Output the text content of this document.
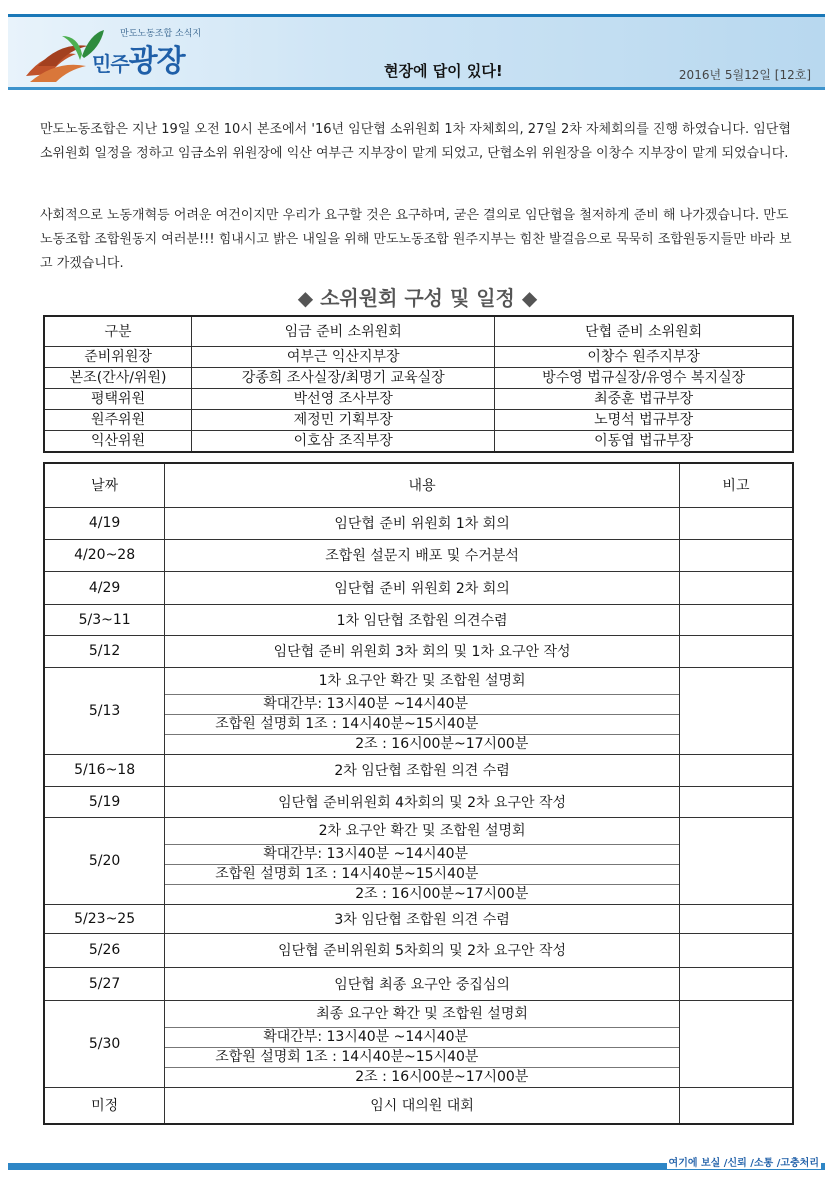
만도노동조합 소식지
민주광장	현장에 답이 있다!	2016년 5월12일 [12호]

만도노동조합은 지난 19일 오전 10시 본조에서 '16년 임단협 소위원회 1차 자체회의, 27일 2차 자체회의를 진행 하였습니다. 임단협 소위원회 일정을 정하고 임금소위 위원장에 익산 여부근 지부장이 맡게 되었고, 단협소위 위원장을 이창수 지부장이 맡게 되었습니다.

사회적으로 노동개혁등 어려운 여건이지만 우리가 요구할 것은 요구하며, 굳은 결의로 임단협을 철저하게 준비 해 나가겠습니다. 만도노동조합 조합원동지 여러분!!! 힘내시고 밝은 내일을 위해 만도노동조합 원주지부는 힘찬 발걸음으로 묵묵히 조합원동지들만 바라 보고 가겠습니다.

◆ 소위원회 구성 및 일정 ◆
구분	임금 준비 소위원회	단협 준비 소위원회
준비위원장	여부근 익산지부장	이창수 원주지부장
본조(간사/위원)	강종희 조사실장/최명기 교육실장	방수영 법규실장/유영수 복지실장
평택위원	박선영 조사부장	최중훈 법규부장
원주위원	제정민 기획부장	노명석 법규부장
익산위원	이호삼 조직부장	이동엽 법규부장
날짜	내용	비고
4/19	임단협 준비 위원회 1차 회의	
4/20~28	조합원 설문지 배포 및 수거분석	
4/29	임단협 준비 위원회 2차 회의	
5/3~11	1차 임단협 조합원 의견수렴	
5/12	임단협 준비 위원회 3차 회의 및 1차 요구안 작성	
5/13	1차 요구안 확간 및 조합원 설명회
확대간부: 13시40분 ~14시40분
조합원 설명회 1조 : 14시40분~15시40분
2조 : 16시00분~17시00분	

5/16~18	2차 임단협 조합원 의견 수렴	
5/19	임단협 준비위원회 4차회의 및 2차 요구안 작성	
5/20	2차 요구안 확간 및 조합원 설명회
확대간부: 13시40분 ~14시40분
조합원 설명회 1조 : 14시40분~15시40분
2조 : 16시00분~17시00분	

5/23~25	3차 임단협 조합원 의견 수렴	
5/26	임단협 준비위원회 5차회의 및 2차 요구안 작성	
5/27	임단협 최종 요구안 중집심의	
5/30	최종 요구안 확간 및 조합원 설명회
확대간부: 13시40분 ~14시40분
조합원 설명회 1조 : 14시40분~15시40분
2조 : 16시00분~17시00분	

미정	임시 대의원 대회	
여기에 보실 /신뢰 /소통 /고충처리
